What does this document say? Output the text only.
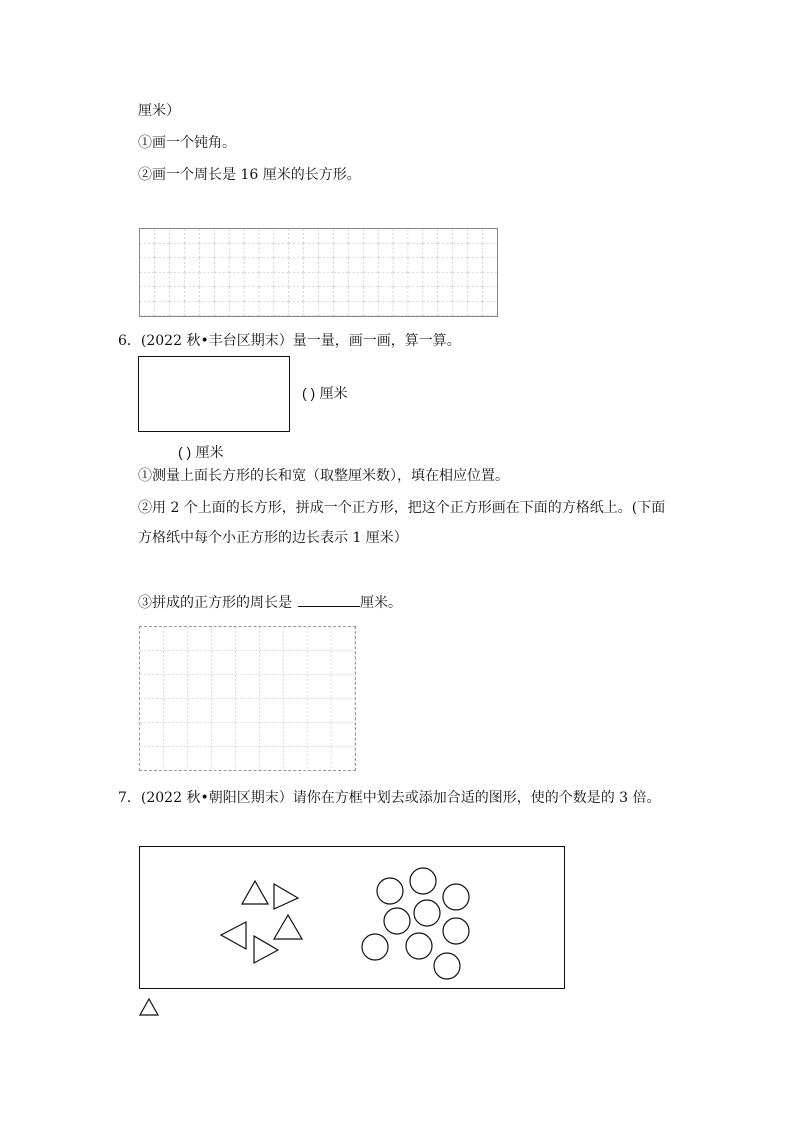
厘米）
①画一个钝角。
②画一个周长是 16 厘米的长方形。
6．(2022 秋•丰台区期末）量一量，画一画，算一算。
( ) 厘米
( ) 厘米
①测量上面长方形的长和宽（取整厘米数），填在相应位置。
②用 2 个上面的长方形，拼成一个正方形，把这个正方形画在下面的方格纸上。(下面
方格纸中每个小正方形的边长表示 1 厘米）
③拼成的正方形的周长是	厘米。
7．(2022 秋•朝阳区期末）请你在方框中划去或添加合适的图形，使的个数是的 3 倍。
